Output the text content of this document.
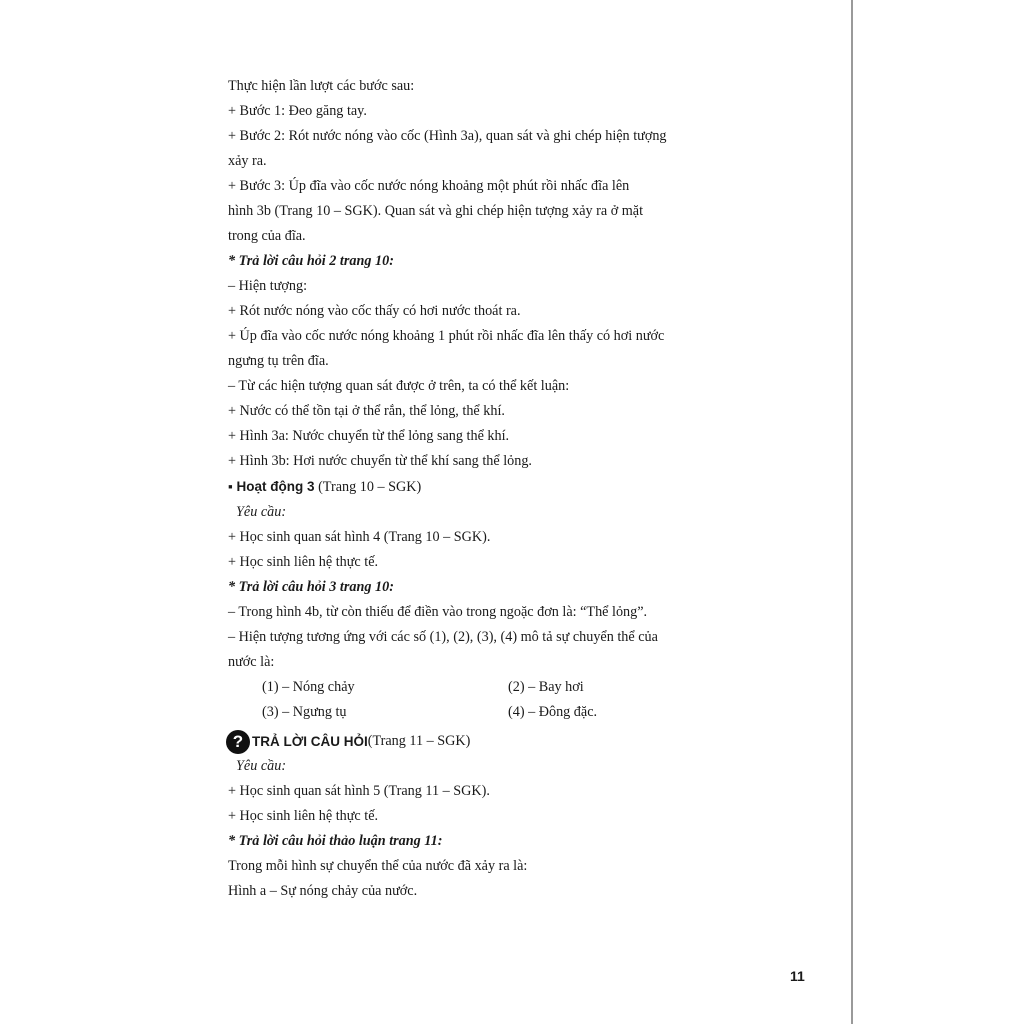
Thực hiện lần lượt các bước sau:

+ Bước 1: Đeo găng tay.

+ Bước 2: Rót nước nóng vào cốc (Hình 3a), quan sát và ghi chép hiện tượng

xảy ra.

+ Bước 3: Úp đĩa vào cốc nước nóng khoảng một phút rồi nhấc đĩa lên

hình 3b (Trang 10 – SGK). Quan sát và ghi chép hiện tượng xảy ra ở mặt

trong của đĩa.

* Trả lời câu hỏi 2 trang 10:

– Hiện tượng:

+ Rót nước nóng vào cốc thấy có hơi nước thoát ra.

+ Úp đĩa vào cốc nước nóng khoảng 1 phút rồi nhấc đĩa lên thấy có hơi nước

ngưng tụ trên đĩa.

– Từ các hiện tượng quan sát được ở trên, ta có thể kết luận:

+ Nước có thể tồn tại ở thể rắn, thể lỏng, thể khí.

+ Hình 3a: Nước chuyển từ thể lỏng sang thể khí.

+ Hình 3b: Hơi nước chuyển từ thể khí sang thể lỏng.

▪ Hoạt động 3 (Trang 10 – SGK)

Yêu cầu:

+ Học sinh quan sát hình 4 (Trang 10 – SGK).

+ Học sinh liên hệ thực tế.

* Trả lời câu hỏi 3 trang 10:

– Trong hình 4b, từ còn thiếu để điền vào trong ngoặc đơn là: “Thể lỏng”.

– Hiện tượng tương ứng với các số (1), (2), (3), (4) mô tả sự chuyển thể của

nước là:

(1) – Nóng chảy	(2) – Bay hơi
(3) – Ngưng tụ	(4) – Đông đặc.
? TRẢ LỜI CÂU HỎI (Trang 11 – SGK)

Yêu cầu:

+ Học sinh quan sát hình 5 (Trang 11 – SGK).

+ Học sinh liên hệ thực tế.

* Trả lời câu hỏi thảo luận trang 11:

Trong mỗi hình sự chuyển thể của nước đã xảy ra là:

Hình a – Sự nóng chảy của nước.

11
